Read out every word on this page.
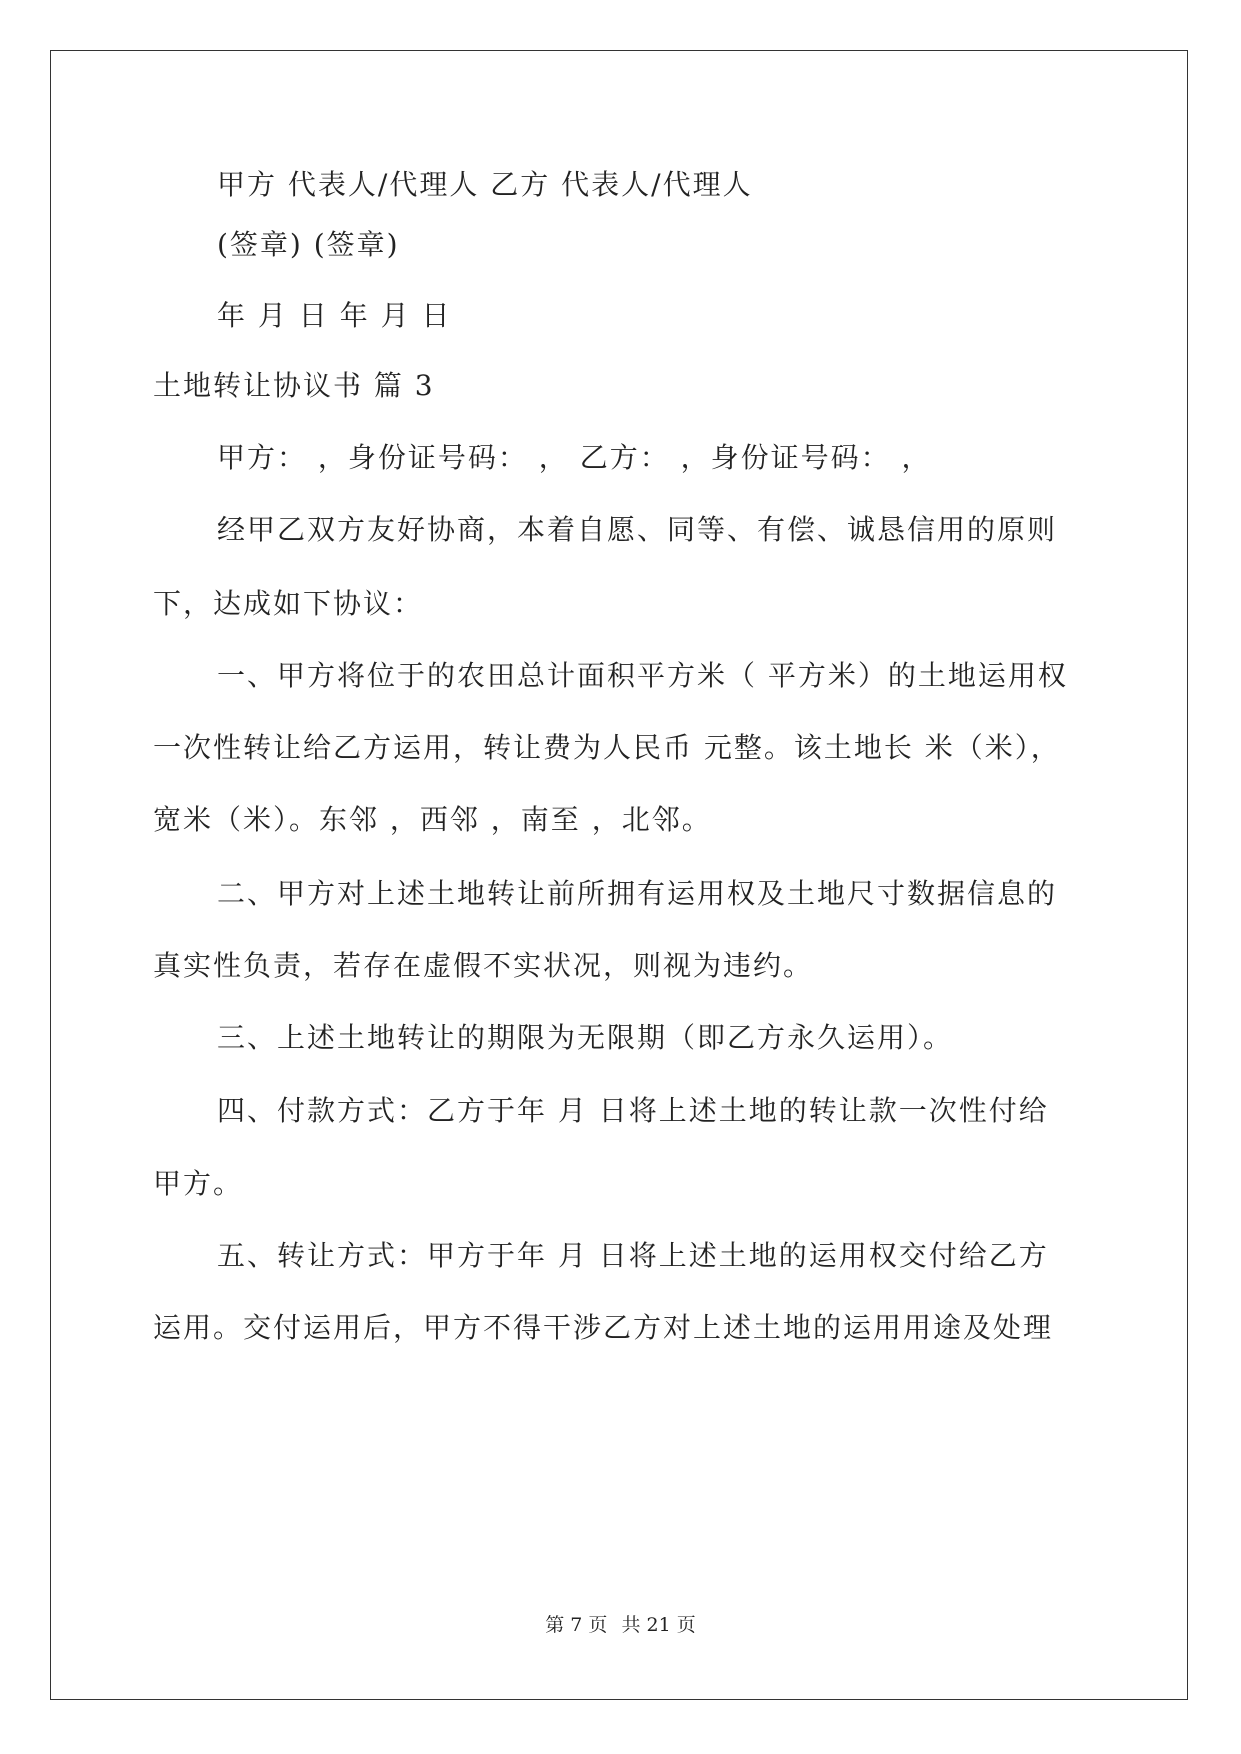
甲方 代表人/代理人 乙方 代表人/代理人
(签章) (签章)
年 月 日 年 月 日
土地转让协议书 篇 3
甲方： ，身份证号码： ， 乙方： ，身份证号码： ，
经甲乙双方友好协商，本着自愿、同等、有偿、诚恳信用的原则
下，达成如下协议：
一、甲方将位于的农田总计面积平方米（ 平方米）的土地运用权
一次性转让给乙方运用，转让费为人民币 元整。该土地长 米（米），
宽米（米）。东邻 ，西邻 ，南至 ，北邻。
二、甲方对上述土地转让前所拥有运用权及土地尺寸数据信息的
真实性负责，若存在虚假不实状况，则视为违约。
三、上述土地转让的期限为无限期（即乙方永久运用）。
四、付款方式：乙方于年 月 日将上述土地的转让款一次性付给
甲方。
五、转让方式：甲方于年 月 日将上述土地的运用权交付给乙方
运用。交付运用后，甲方不得干涉乙方对上述土地的运用用途及处理
第 7 页 共 21 页
